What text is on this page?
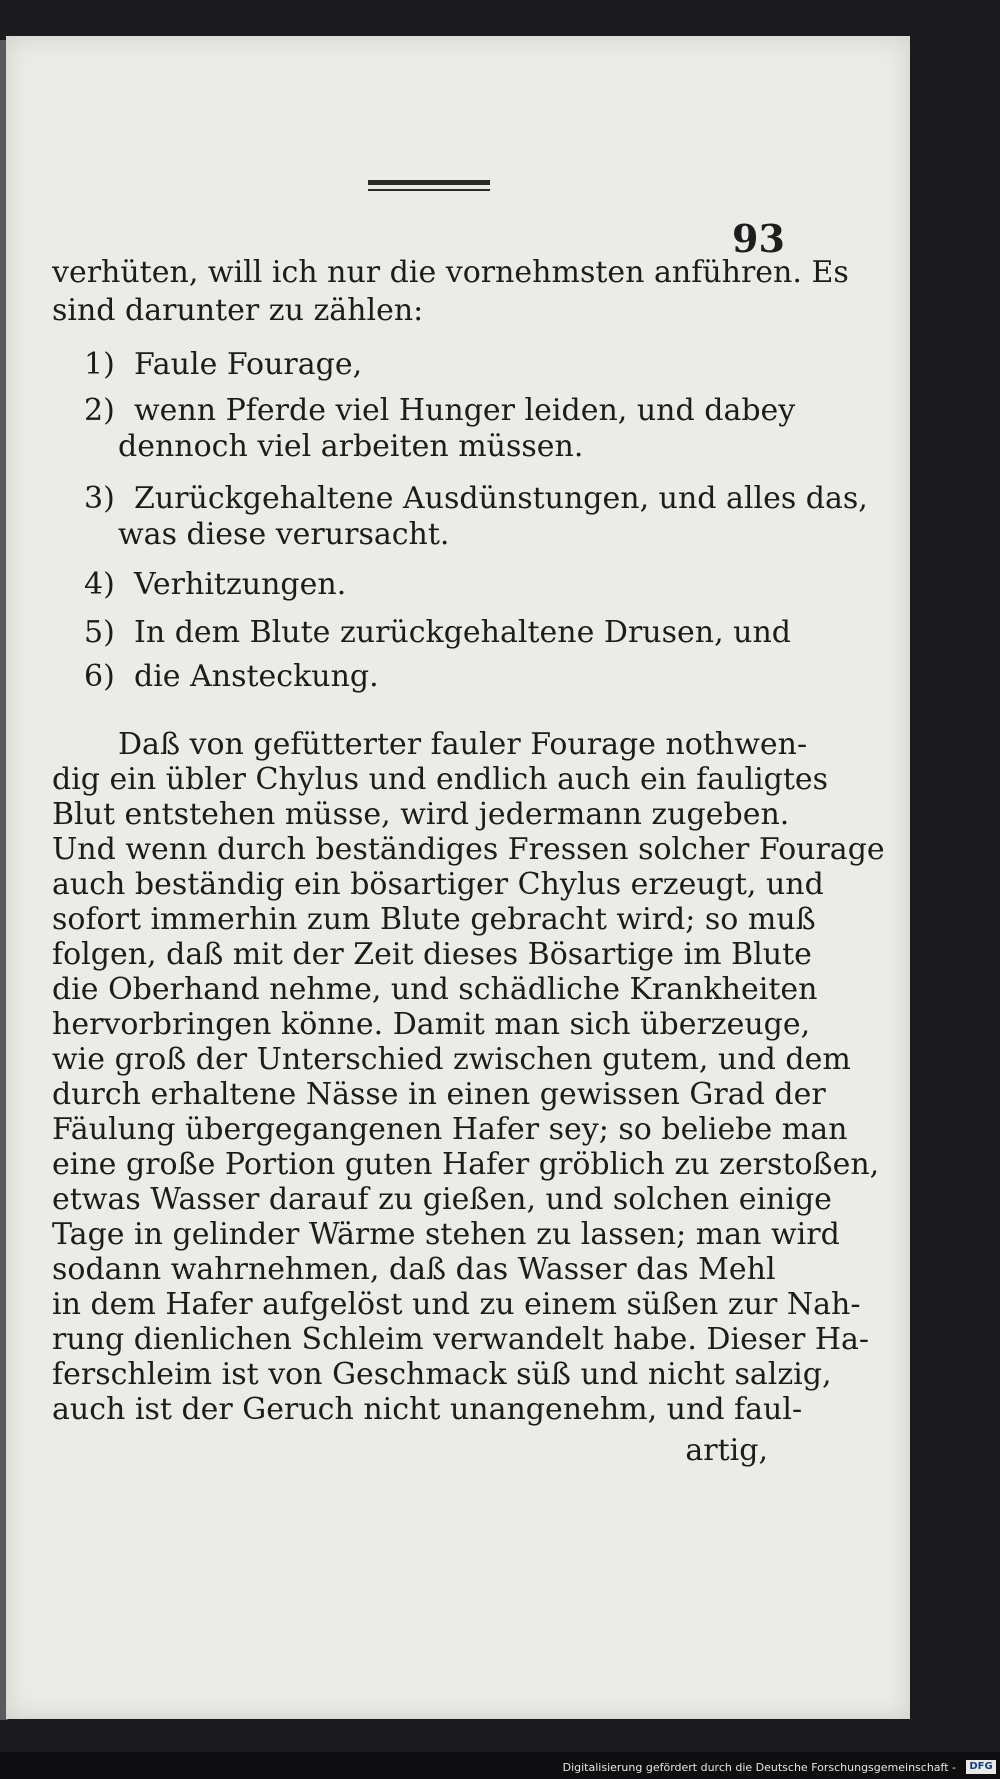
93
verhüten, will ich nur die vornehmsten anführen. Es
sind darunter zu zählen:
1) Faule Fourage,
2) wenn Pferde viel Hunger leiden, und dabey
dennoch viel arbeiten müssen.
3) Zurückgehaltene Ausdünstungen, und alles das,
was diese verursacht.
4) Verhitzungen.
5) In dem Blute zurückgehaltene Drusen, und
6) die Ansteckung.
Daß von gefütterter fauler Fourage nothwen-
dig ein übler Chylus und endlich auch ein fauligtes
Blut entstehen müsse, wird jedermann zugeben.
Und wenn durch beständiges Fressen solcher Fourage
auch beständig ein bösartiger Chylus erzeugt, und
sofort immerhin zum Blute gebracht wird; so muß
folgen, daß mit der Zeit dieses Bösartige im Blute
die Oberhand nehme, und schädliche Krankheiten
hervorbringen könne. Damit man sich überzeuge,
wie groß der Unterschied zwischen gutem, und dem
durch erhaltene Nässe in einen gewissen Grad der
Fäulung übergegangenen Hafer sey; so beliebe man
eine große Portion guten Hafer gröblich zu zerstoßen,
etwas Wasser darauf zu gießen, und solchen einige
Tage in gelinder Wärme stehen zu lassen; man wird
sodann wahrnehmen, daß das Wasser das Mehl
in dem Hafer aufgelöst und zu einem süßen zur Nah-
rung dienlichen Schleim verwandelt habe. Dieser Ha-
ferschleim ist von Geschmack süß und nicht salzig,
auch ist der Geruch nicht unangenehm, und faul-
artig,
Digitalisierung gefördert durch die Deutsche Forschungsgemeinschaft -	DFG
